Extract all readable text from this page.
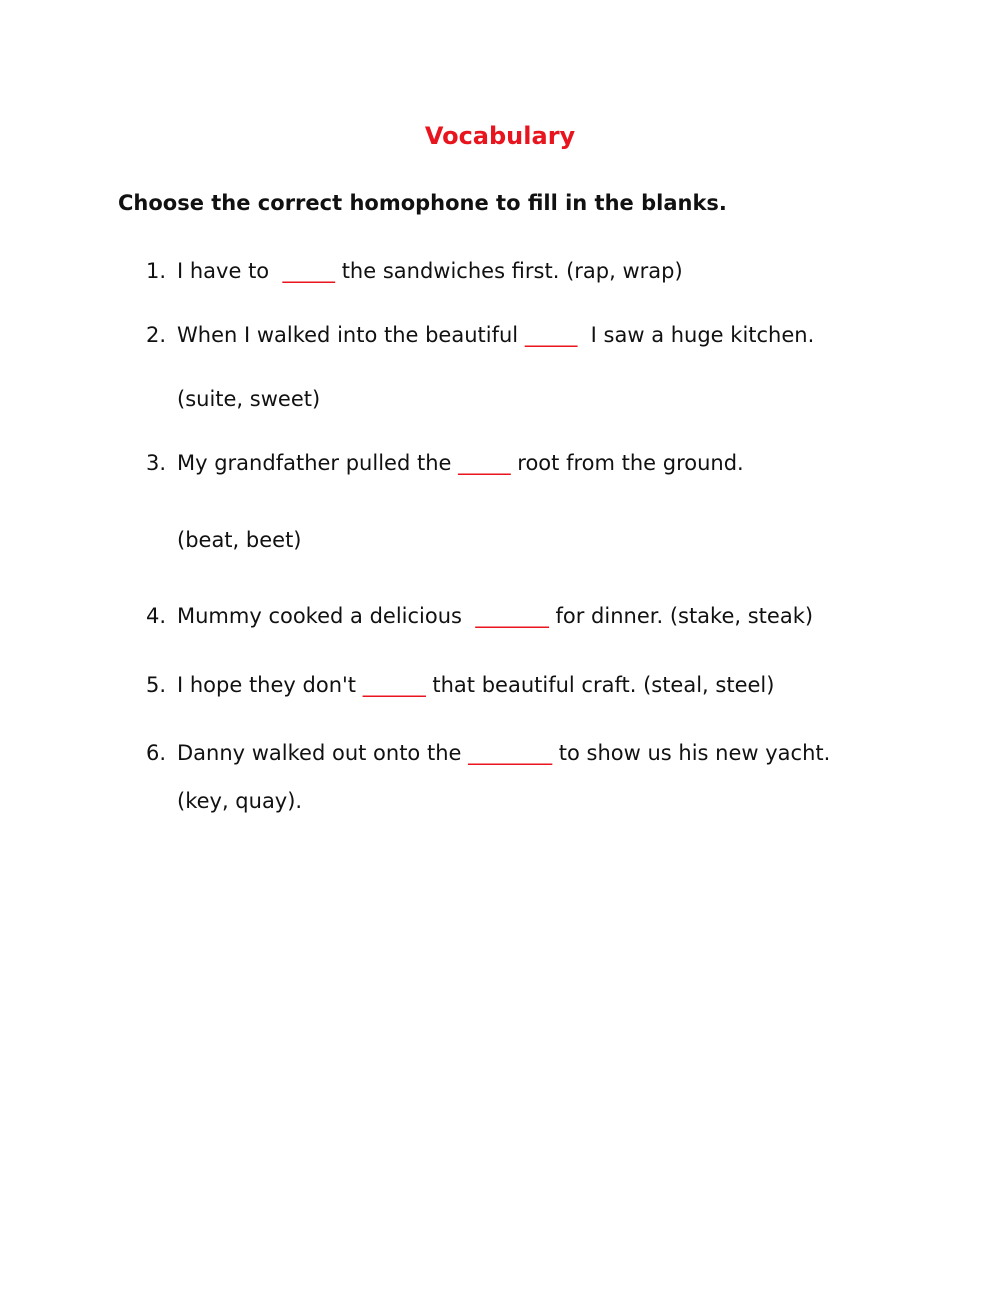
Vocabulary
Choose the correct homophone to fill in the blanks.
1. I have to  _____ the sandwiches first. (rap, wrap)
2. When I walked into the beautiful _____  I saw a huge kitchen.
(suite, sweet)
3. My grandfather pulled the _____ root from the ground.
(beat, beet)
4. Mummy cooked a delicious  _______ for dinner. (stake, steak)
5. I hope they don't ______ that beautiful craft. (steal, steel)
6. Danny walked out onto the ________ to show us his new yacht.
(key, quay).
